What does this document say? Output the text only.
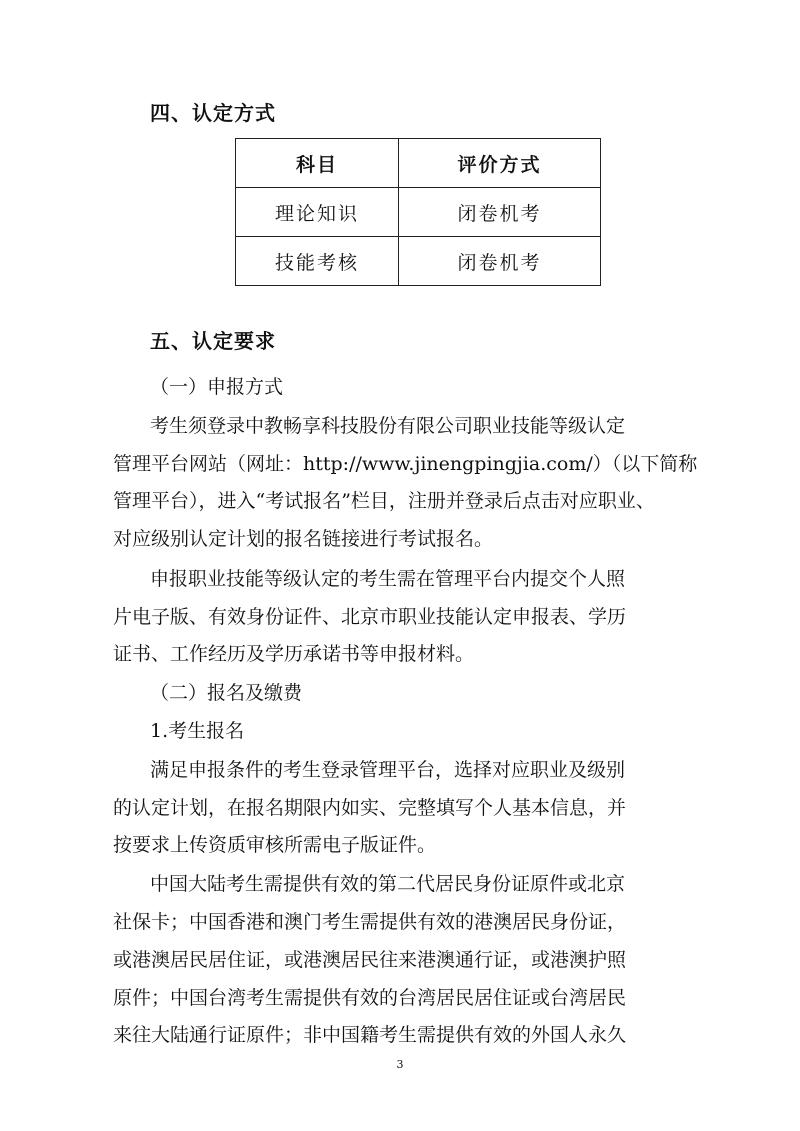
四、认定方式
科目	评价方式
理论知识	闭卷机考
技能考核	闭卷机考
五、认定要求
（一）申报方式
考生须登录中教畅享科技股份有限公司职业技能等级认定
管理平台网站（网址：http://www.jinengpingjia.com/）（以下简称
管理平台），进入“考试报名”栏目，注册并登录后点击对应职业、
对应级别认定计划的报名链接进行考试报名。
申报职业技能等级认定的考生需在管理平台内提交个人照
片电子版、有效身份证件、北京市职业技能认定申报表、学历
证书、工作经历及学历承诺书等申报材料。
（二）报名及缴费
1.考生报名
满足申报条件的考生登录管理平台，选择对应职业及级别
的认定计划，在报名期限内如实、完整填写个人基本信息，并
按要求上传资质审核所需电子版证件。
中国大陆考生需提供有效的第二代居民身份证原件或北京
社保卡；中国香港和澳门考生需提供有效的港澳居民身份证，
或港澳居民居住证，或港澳居民往来港澳通行证，或港澳护照
原件；中国台湾考生需提供有效的台湾居民居住证或台湾居民
来往大陆通行证原件；非中国籍考生需提供有效的外国人永久
3
